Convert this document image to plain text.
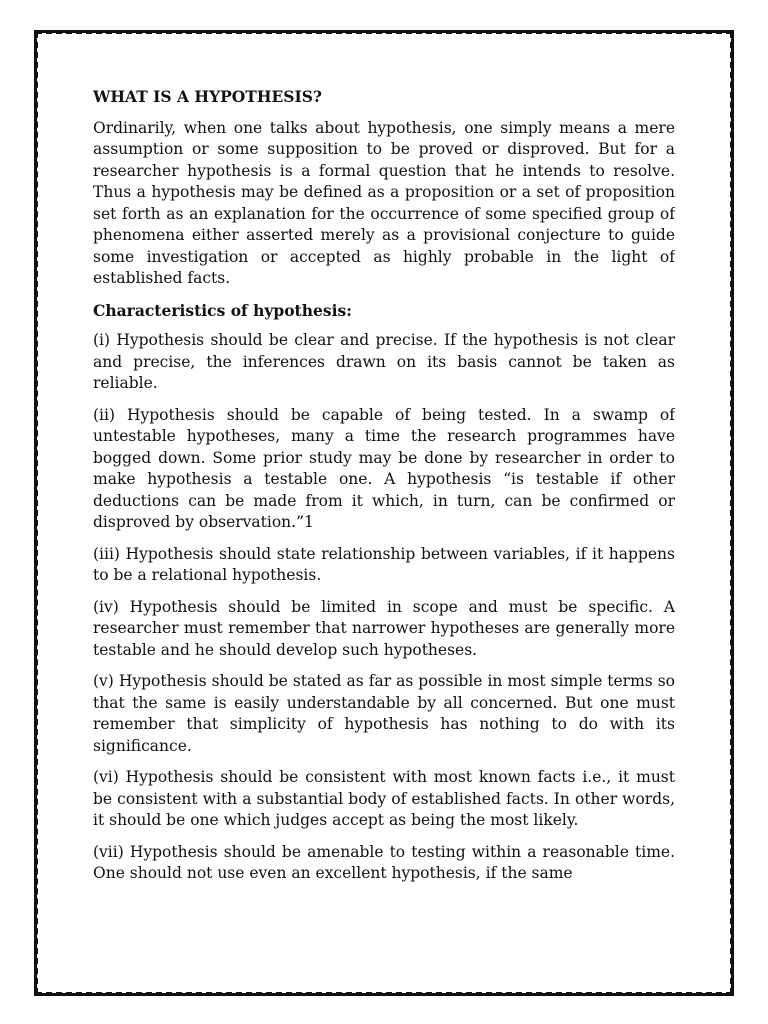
WHAT IS A HYPOTHESIS?

Ordinarily, when one talks about hypothesis, one simply means a mere assumption or some supposition to be proved or disproved. But for a researcher hypothesis is a formal question that he intends to resolve. Thus a hypothesis may be defined as a proposition or a set of proposition set forth as an explanation for the occurrence of some specified group of phenomena either asserted merely as a provisional conjecture to guide some investigation or accepted as highly probable in the light of established facts.

Characteristics of hypothesis:

(i) Hypothesis should be clear and precise. If the hypothesis is not clear and precise, the inferences drawn on its basis cannot be taken as reliable.

(ii) Hypothesis should be capable of being tested. In a swamp of untestable hypotheses, many a time the research programmes have bogged down. Some prior study may be done by researcher in order to make hypothesis a testable one. A hypothesis “is testable if other deductions can be made from it which, in turn, can be confirmed or disproved by observation.”1

(iii) Hypothesis should state relationship between variables, if it happens to be a relational hypothesis.

(iv) Hypothesis should be limited in scope and must be specific. A researcher must remember that narrower hypotheses are generally more testable and he should develop such hypotheses.

(v) Hypothesis should be stated as far as possible in most simple terms so that the same is easily understandable by all concerned. But one must remember that simplicity of hypothesis has nothing to do with its significance.

(vi) Hypothesis should be consistent with most known facts i.e., it must be consistent with a substantial body of established facts. In other words, it should be one which judges accept as being the most likely.

(vii) Hypothesis should be amenable to testing within a reasonable time. One should not use even an excellent hypothesis, if the same
